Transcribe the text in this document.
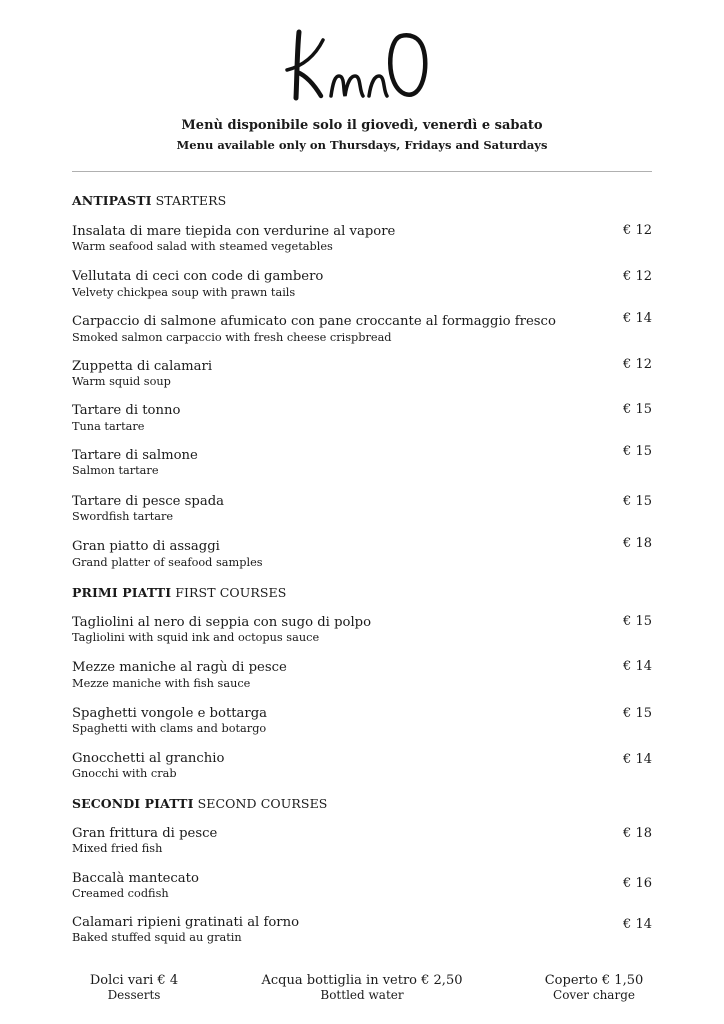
KmO
Menù disponibile solo il giovedì, venerdì e sabato
Menu available only on Thursdays, Fridays and Saturdays
ANTIPASTI STARTERS
Insalata di mare tiepida con verdurine al vapore
Warm seafood salad with steamed vegetables
€ 12
Vellutata di ceci con code di gambero
Velvety chickpea soup with prawn tails
€ 12
Carpaccio di salmone afumicato con pane croccante al formaggio fresco
Smoked salmon carpaccio with fresh cheese crispbread
€ 14
Zuppetta di calamari
Warm squid soup
€ 12
Tartare di tonno
Tuna tartare
€ 15
Tartare di salmone
Salmon tartare
€ 15
Tartare di pesce spada
Swordfish tartare
€ 15
Gran piatto di assaggi
Grand platter of seafood samples
€ 18
PRIMI PIATTI FIRST COURSES
Tagliolini al nero di seppia con sugo di polpo
Tagliolini with squid ink and octopus sauce
€ 15
Mezze maniche al ragù di pesce
Mezze maniche with fish sauce
€ 14
Spaghetti vongole e bottarga
Spaghetti with clams and botargo
€ 15
Gnocchetti al granchio
Gnocchi with crab
€ 14
SECONDI PIATTI SECOND COURSES
Gran frittura di pesce
Mixed fried fish
€ 18
Baccalà mantecato
Creamed codfish
€ 16
Calamari ripieni gratinati al forno
Baked stuffed squid au gratin
€ 14
Dolci vari € 4
Desserts
Acqua bottiglia in vetro € 2,50
Bottled water
Coperto € 1,50
Cover charge
